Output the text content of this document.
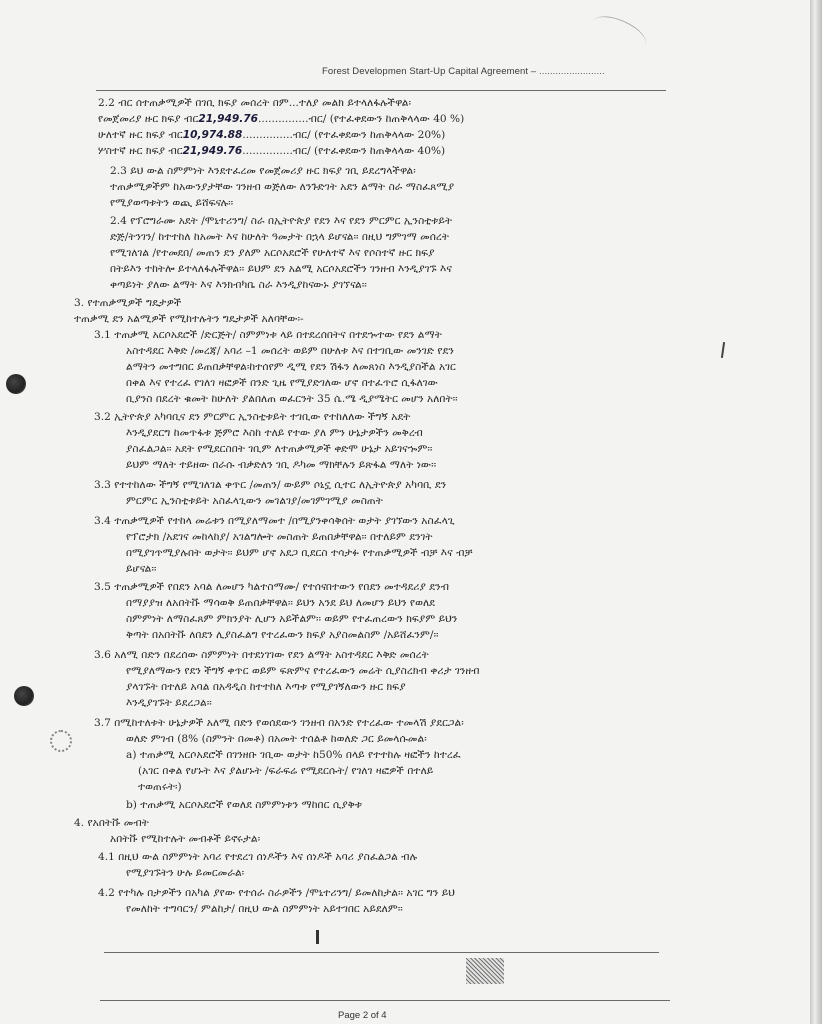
Forest Developmen Start-Up Capital Agreement – ........................
2.2 ብር ሰተጠቃሚዎች በገቢ ክፍያ መሰረት በም...ተለያ መልክ ይተላለፋሉችዋል፡
የመጀመሪያ ዙር ክፍያ ብር21,949.76...............ብር/ (የተፈቀደውን ከጠቅላላው 40 %)
ሁለተኛ ዙር ክፍያ ብር10,974.88...............ብር/ (የተፈቀደውን ከጠቅላላው 20%)
ሦስተኛ ዙር ክፍያ ብር21,949.76...............ብር/ (የተፈቀደውን ከጠቅላላው 40%)
2.3 ይህ ውል ስምምነት እንደተፈረመ የመጀመሪያ ዙር ክፍያ ገቢ ይደረግላችዋል፡
ተጠቃሚዎችም ከአውንያታቸው ገንዘብ ወጅለው ለንጉድገት አደን ልማት ስራ ማስፈጸሚያ
የሚያወጣቱትን ወጪ ይሸፍናሉ፡፡
2.4 የፕሮግራሙ አደት /ሞኒተሪንግ/ ስራ በኢትዮጵያ የደን እና የደን ምርምር ኢንስቲቱይት
ድጅ/ትንገን/ ከተተከለ ከአመት እና ከሁለት ዓመታት በኋላ ይሆናል፡፡ በዚህ ግምገማ መሰረት
የሚገለገል /የተመደበ/ መጠን ደን ያለም አርሶአደሮች የሁለተኛ እና የሶስተኛ ዙር ክፍያ
በትይእን ተከትሎ ይተላለፋሉችዋል፡፡ ይህም ደን አልሚ አርሶአደሮችን ገንዘብ እንዲያገኙ እና
ቀጣይነት ያለው ልማት እና እንክብካቤ ስራ እንዲያከናውኑ ያገኘናል፡፡
3. የተጠቃሚዎች ግዴታዎች
ተጠቃሚ ደን አልሚዎች የሚከተሉትን ግዴታዎች አለባቸው፡‐
3.1 ተጠቃሚ አርሶአደሮች /ድርጅት/ ስምምነቱ ላይ በተደረሰበትና በተደኈተው የደን ልማት
አስተዳደር እቅድ /መረጃ/ አባሪ –1 መሰረት ወይም በሁለቱ እና በተገቢው መንገድ የደን
ልማትን መተግበር ይጠበቃቸዋል፡ከተሰየም ዲሚ የደን ሽፋን ለመጸነስ እንዲያስችል አገር
በቀል እና የተረፈ የገለገ ዛፎዎች በንድ ጊዜ የሚያድገለው ሆኖ በተፈጥሮ ሲፋለገው
ቢያንስ በደረት ቁመት ከሁለት ያልበለጠ ወፈርንት 35 ሴ.ሜ ዲያሜትር መሆን አለበት፡፡
3.2 ኢትዮጵያ አካባቢና ደን ምርምር ኢንስቲቱይት ተገቢው የተከለለው ችግኝ አደት
እንዲያደርግ ከመጥፋቱ ጅምሮ እስከ ተለይ የተው ያለ ምን ሁኔታዎችን መቅረብ
ያስፈልጋል፡፡ አደት የሚደርስበት ገቢም ለተጠቃሚዎች ቀድሞ ሁኔታ አይገናኈም፡፡
ይህም ማለት ተይዘው በራሱ ብቃድለን ገቢ ዶካመ ማክቸሉን ይጽፋል ማለት ነው፡፡
3.3 የተተከለው ችግኝ የሚገለገል ቀጥር /መጠን/ ውይም ሶኒኗ ሲተር ለኢትዮጵያ አካባቢ ደን
ምርምር ኢንስቲቱይት አስፈላጊውን መገልገያ/መገምገሚያ መስጠት
3.4 ተጠቃሚዎች የተከላ መሬቱን በሚያለማመተ /በሚያንቀሳቅሰት ወታት ያገኘውን አስፈላጊ
የፕሮታክ /አደገና መከላከያ/ አገልግሎት መስጠት ይጠበቃቸዋል፡፡ በተለይም ደንገት
በሚያገጥሚያሉበት ወታት፡፡ ይህም ሆኖ አደጋ ቢደርስ ተሳታፉ የተጠቃሚዎች ብቻ እና ብቻ
ይሆናል፡፡
3.5 ተጠቃሚዎች የበደን አባል ለመሆን ካልተስማሙ/ የተሰናበተውን የበደን መተዳደሪያ ደንብ
በማያያዝ ለአበትቩ ማሳወቅ ይጠበቃቸዋል፡፡ ይህን አንደ ይህ ለመሆን ይህን የወለደ
ስምምነት ለማስፈጸም ምክንያት ሊሆን አይችልም፡፡ ወይም የተፈጠረውን ክፍያም ይህን
ቅጣት በአበትቩ ለበደን ሊያስፈልግ የተረፈውን ክፍያ አያስመልስም /አይሸፈንም/፡፡
3.6 አለሚ በድን በደረሰው ስምምነት በተደነገገው የደን ልማት አስተዳደር እቅድ መሰረት
የሚያለማውን የደን ችግኝ ቀጥር ወይም ፍጽምና የተረፈውን መሬት ሲያስረክብ ቀሪታ ገንዘብ
ያላገኙት በተለይ አባል በአዳዲስ ከተተከለ እጣቱ የሚያገኝለውን ዙር ክፍያ
እንዲያገኙት ይደረጋል፡፡
3.7 በሚከተለቱት ሁኔታዎች አለሚ በድን የወሰደውን ገንዘብ በአንድ የተረፈው ተመላሽ ያደርጋል፡
ወለድ ምገብ (8% (ስምንት በመቶ) በአመት ተሰልቶ ከወለድ ጋር ይመላሱመል፡
a) ተጠቃሚ አርሶአደሮች በገንዘቡ ገቢው ወታት ከ50% በላይ የተተከሉ ዛፎችን ከተረፈ
(አገር በቀል የሆኑት እና ያልሆኑት /ፍራፍሬ የሚደርሱት/ የገለገ ዛፎዎች በተለይ
ተወጠሩት፡)
b) ተጠቃሚ አርሶአደሮች የወለደ ስምምነቱን ማከበር ሲያቅቱ
4. የአበትቩ መብት
አበትቩ የሚከተሉት መብቶች ይኖሩታል፡
4.1 በዚህ ውል ስምምነት አባሪ የተደረገ ሰነዶችን እና ሰነዶች አባሪ ያስፈልጋል ብሉ
የሚያገኙትን ሁሉ ይመርመራል፡
4.2 የተካሉ በታዎችን በአካል ያየው የተሰራ ስራዎችን /ሞኒተሪንግ/ ይመለከታል፡፡ አገር ግን ይህ
የመለከት ተግባርን/ ምልከታ/ በዚህ ውል ስምምነት አይተገበር አይደለም፡፡
Page 2 of 4
